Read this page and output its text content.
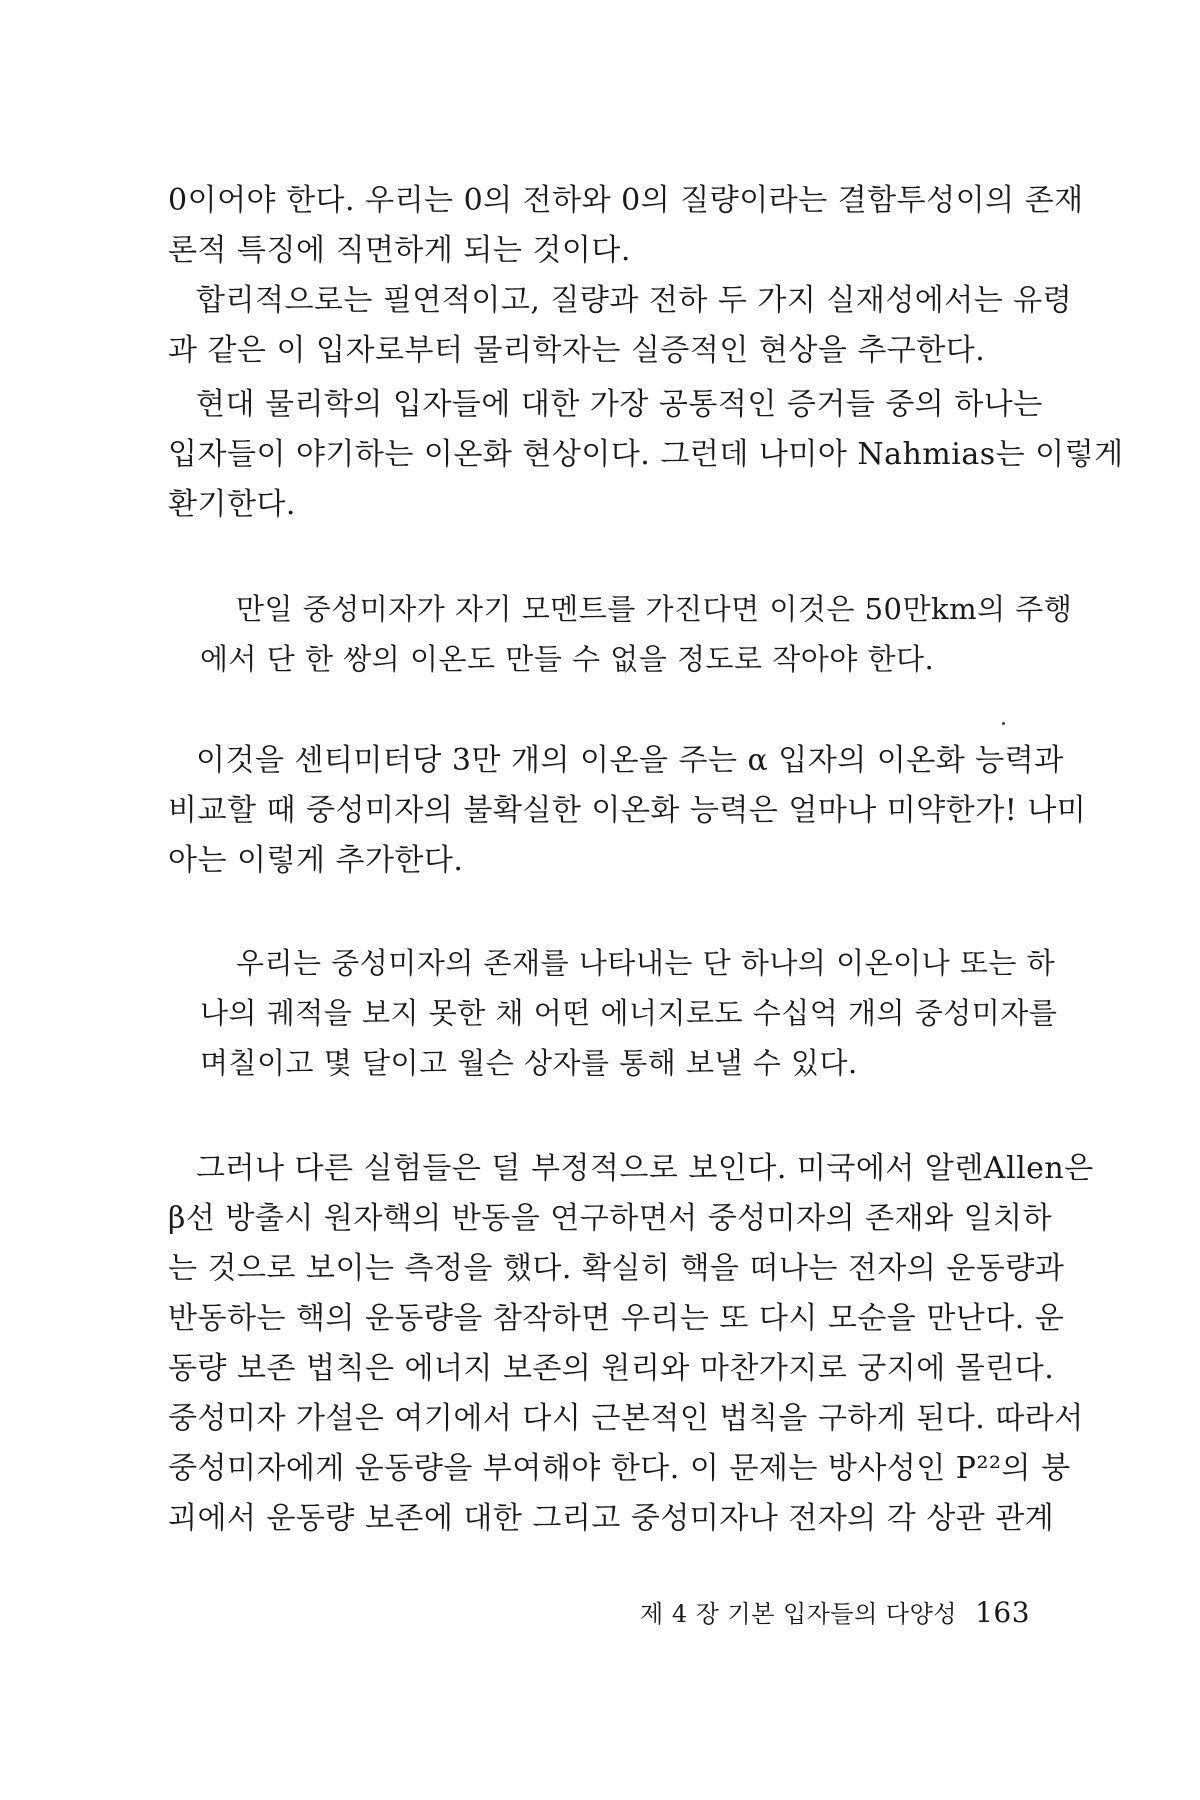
0이어야 한다. 우리는 0의 전하와 0의 질량이라는 결함투성이의 존재
론적 특징에 직면하게 되는 것이다.

합리적으로는 필연적이고, 질량과 전하 두 가지 실재성에서는 유령
과 같은 이 입자로부터 물리학자는 실증적인 현상을 추구한다.

현대 물리학의 입자들에 대한 가장 공통적인 증거들 중의 하나는
입자들이 야기하는 이온화 현상이다. 그런데 나미아 Nahmias는 이렇게
환기한다.

만일 중성미자가 자기 모멘트를 가진다면 이것은 50만km의 주행
에서 단 한 쌍의 이온도 만들 수 없을 정도로 작아야 한다.

이것을 센티미터당 3만 개의 이온을 주는 α 입자의 이온화 능력과
비교할 때 중성미자의 불확실한 이온화 능력은 얼마나 미약한가! 나미
아는 이렇게 추가한다.

우리는 중성미자의 존재를 나타내는 단 하나의 이온이나 또는 하
나의 궤적을 보지 못한 채 어떤 에너지로도 수십억 개의 중성미자를
며칠이고 몇 달이고 월슨 상자를 통해 보낼 수 있다.

그러나 다른 실험들은 덜 부정적으로 보인다. 미국에서 알렌Allen은
β선 방출시 원자핵의 반동을 연구하면서 중성미자의 존재와 일치하
는 것으로 보이는 측정을 했다. 확실히 핵을 떠나는 전자의 운동량과
반동하는 핵의 운동량을 참작하면 우리는 또 다시 모순을 만난다. 운
동량 보존 법칙은 에너지 보존의 원리와 마찬가지로 궁지에 몰린다.
중성미자 가설은 여기에서 다시 근본적인 법칙을 구하게 된다. 따라서
중성미자에게 운동량을 부여해야 한다. 이 문제는 방사성인 P²²의 붕
괴에서 운동량 보존에 대한 그리고 중성미자나 전자의 각 상관 관계

제 4 장 기본 입자들의 다양성 163
